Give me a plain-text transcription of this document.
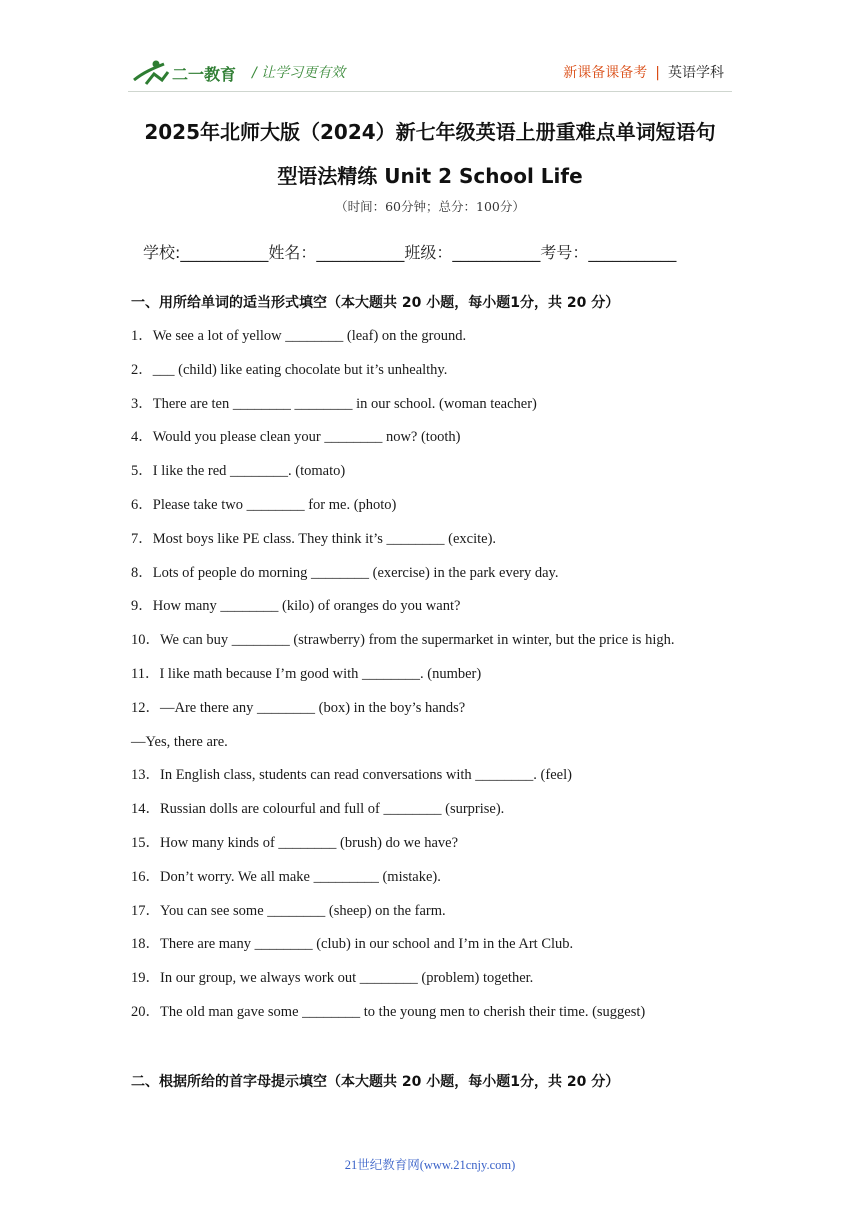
二一教育 / 让学习更有效	新课备课备考 | 英语学科
2025年北师大版（2024）新七年级英语上册重难点单词短语句
型语法精练 Unit 2 School Life
（时间：60分钟；总分：100分）
学校:___________姓名：___________班级：___________考号：___________
一、用所给单词的适当形式填空（本大题共 20 小题，每小题1分，共 20 分）
1．We see a lot of yellow ________ (leaf) on the ground.
2．___ (child) like eating chocolate but it’s unhealthy.
3．There are ten ________ ________ in our school. (woman teacher)
4．Would you please clean your ________ now? (tooth)
5．I like the red ________. (tomato)
6．Please take two ________ for me. (photo)
7．Most boys like PE class. They think it’s ________ (excite).
8．Lots of people do morning ________ (exercise) in the park every day.
9．How many ________ (kilo) of oranges do you want?
10．We can buy ________ (strawberry) from the supermarket in winter, but the price is high.
11．I like math because I’m good with ________. (number)
12．—Are there any ________ (box) in the boy’s hands?
—Yes, there are.
13．In English class, students can read conversations with ________. (feel)
14．Russian dolls are colourful and full of ________ (surprise).
15．How many kinds of ________ (brush) do we have?
16．Don’t worry. We all make _________ (mistake).
17．You can see some ________ (sheep) on the farm.
18．There are many ________ (club) in our school and I’m in the Art Club.
19．In our group, we always work out ________ (problem) together.
20．The old man gave some ________ to the young men to cherish their time. (suggest)
二、根据所给的首字母提示填空（本大题共 20 小题，每小题1分，共 20 分）
21世纪教育网(www.21cnjy.com)
